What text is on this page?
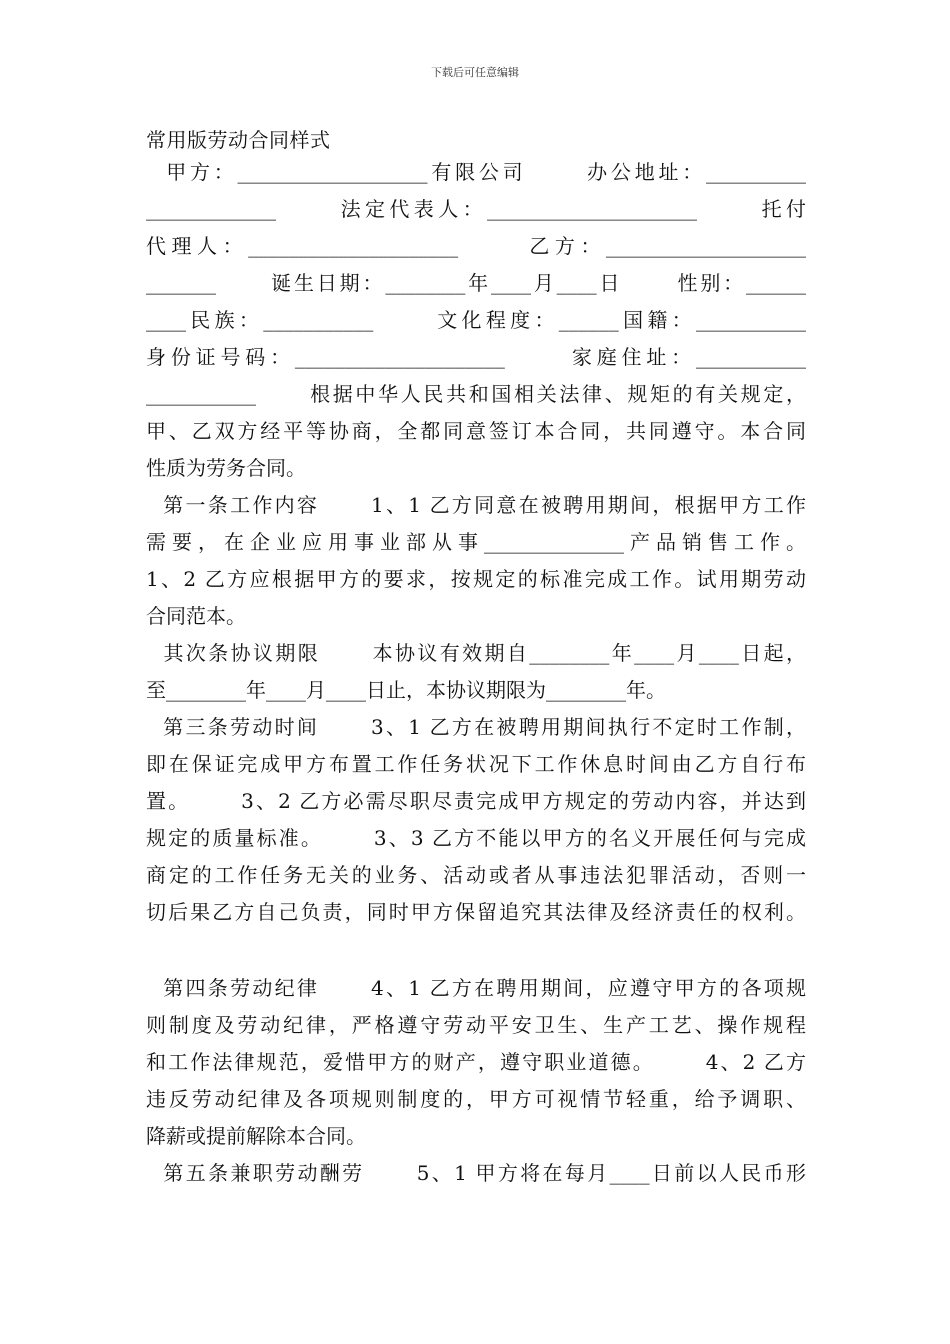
下载后可任意编辑
常用版劳动合同样式
甲方：___________________有限公司      办公地址：__________
_____________      法定代表人：_____________________      托付
代理人：_____________________      乙方：____________________
_______      诞生日期：________年____月____日      性别：______
____民族：___________      文化程度：______国籍：___________
身份证号码：_____________________      家庭住址：___________
___________      根据中华人民共和国相关法律、规矩的有关规定，
甲、乙双方经平等协商，全都同意签订本合同，共同遵守。本合同
性质为劳务合同。
第一条工作内容      1、1 乙方同意在被聘用期间，根据甲方工作
需要，在企业应用事业部从事______________产品销售工作。
1、2 乙方应根据甲方的要求，按规定的标准完成工作。试用期劳动
合同范本。
其次条协议期限      本协议有效期自________年____月____日起，
至________年____月____日止，本协议期限为________年。
第三条劳动时间      3、1 乙方在被聘用期间执行不定时工作制，
即在保证完成甲方布置工作任务状况下工作休息时间由乙方自行布
置。      3、2 乙方必需尽职尽责完成甲方规定的劳动内容，并达到
规定的质量标准。      3、3 乙方不能以甲方的名义开展任何与完成
商定的工作任务无关的业务、活动或者从事违法犯罪活动，否则一
切后果乙方自己负责，同时甲方保留追究其法律及经济责任的权利。
第四条劳动纪律      4、1 乙方在聘用期间，应遵守甲方的各项规
则制度及劳动纪律，严格遵守劳动平安卫生、生产工艺、操作规程
和工作法律规范，爱惜甲方的财产，遵守职业道德。      4、2 乙方
违反劳动纪律及各项规则制度的，甲方可视情节轻重，给予调职、
降薪或提前解除本合同。
第五条兼职劳动酬劳      5、1 甲方将在每月____日前以人民币形
